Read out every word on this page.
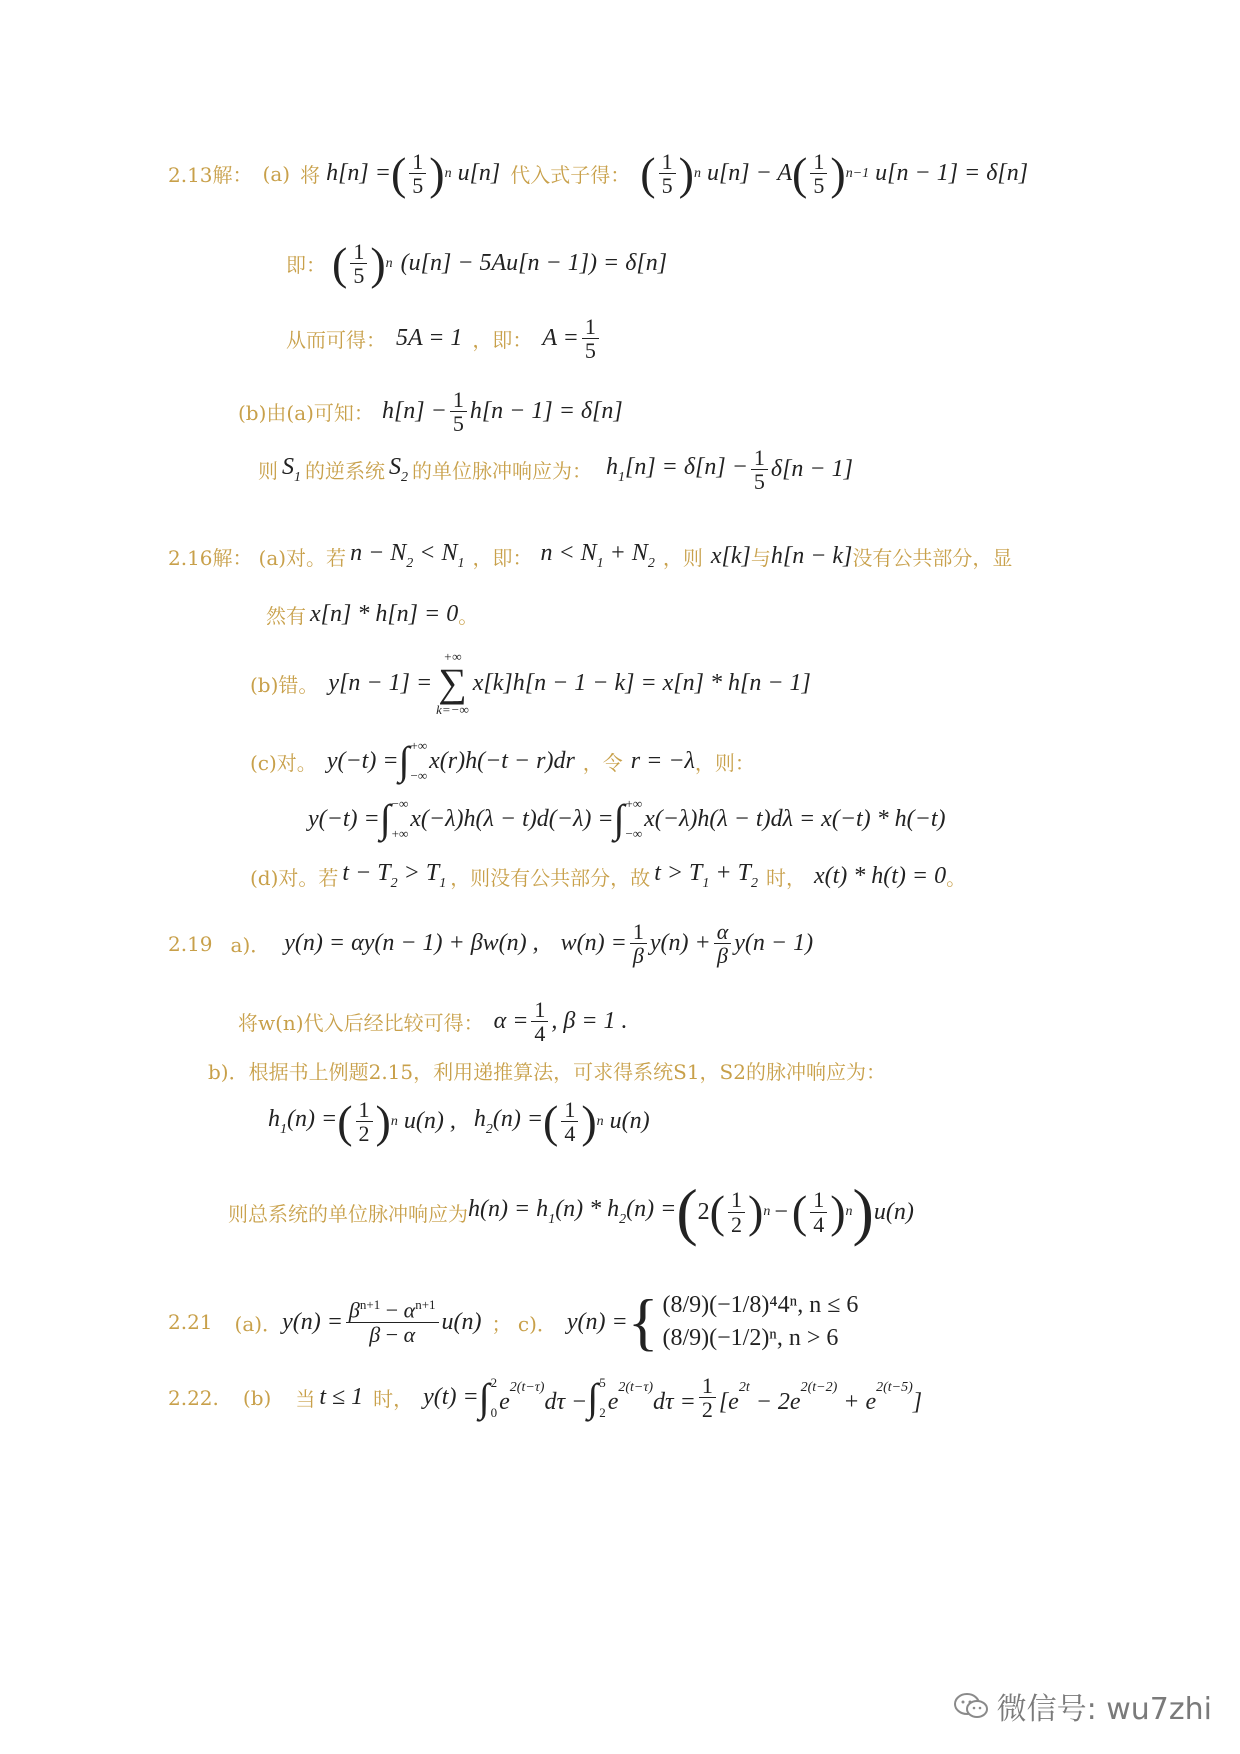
2.13解： (a) 将 h[n] = ( $\frac{1}{5}$ ) n u[n] 代入式子得： ( $\frac{1}{5}$ ) n u[n] − A ( $\frac{1}{5}$ ) n−1 u[n − 1] = δ[n]
即： ( $\frac{1}{5}$ ) n (u[n] − 5Au[n − 1]) = δ[n]
从而可得： 5A = 1 ，即： $A = \frac{1}{5}$
(b)由(a)可知： $h[n] - \frac{1}{5} h[n - 1] = \delta[n]$
则 $S_1$ 的逆系统 $S_2$ 的单位脉冲响应为： $h_1[n] = \delta[n] - \frac{1}{5} \delta[n - 1]$
2.16解： (a)对。若 $n - N_2 < N_1$ ，即： $n < N_1 + N_2$ ，则 x[k] 与 h[n − k] 没有公共部分，显
然有 x[n] * h[n] = 0 。
(b)错。 y[n − 1] =
+∞
∑
k=−∞
x[k]h[n − 1 − k] = x[n] * h[n − 1]
(c)对。 y(−t) = ∫ +∞
−∞
x(r)h(−t − r)dr ，令 r = −λ ，则：
y(−t) = ∫ −∞
+∞
x(−λ)h(λ − t)d(−λ) = ∫ +∞
−∞
x(−λ)h(λ − t)dλ = x(−t) * h(−t)
(d)对。若 $t - T_2 > T_1$ ，则没有公共部分，故 $t > T_1 + T_2$ 时， x(t) * h(t) = 0 。
2.19 a)． y(n) = αy(n − 1) + βw(n) , $w(n) = \frac{1}{\beta} y(n) + \frac{\alpha}{\beta} y(n - 1)$
将w(n)代入后经比较可得： $\alpha = \frac{1}{4}$ , β = 1 .
b)．根据书上例题2.15，利用递推算法，可求得系统S1，S2的脉冲响应为：
$h_1(n)$ = ( $\frac{1}{2}$ ) n u(n) , $h_2(n)$ = ( $\frac{1}{4}$ ) n u(n)
则总系统的单位脉冲响应为 $h(n) = h_1(n) * h_2(n)$ = ( 2 ( $\frac{1}{2}$ ) n − ( $\frac{1}{4}$ ) n ) u(n)
2.21 (a)． $y(n) = \frac{\beta^{n+1} - \alpha^{n+1}}{\beta - \alpha} u(n)$ ； c)． y(n) = { (8/9)(−1/8)⁴4ⁿ, n ≤ 6
(8/9)(−1/2)ⁿ, n > 6
2.22. (b) 当 t ≤ 1 时， y(t) = ∫ 2
0 $e^{2(t-\tau)}d\tau$ − ∫ 5
2 $e^{2(t-\tau)}d\tau = \frac{1}{2} [e^{2t} - 2e^{2(t-2)} + e^{2(t-5)}]$
微信号: wu7zhi
